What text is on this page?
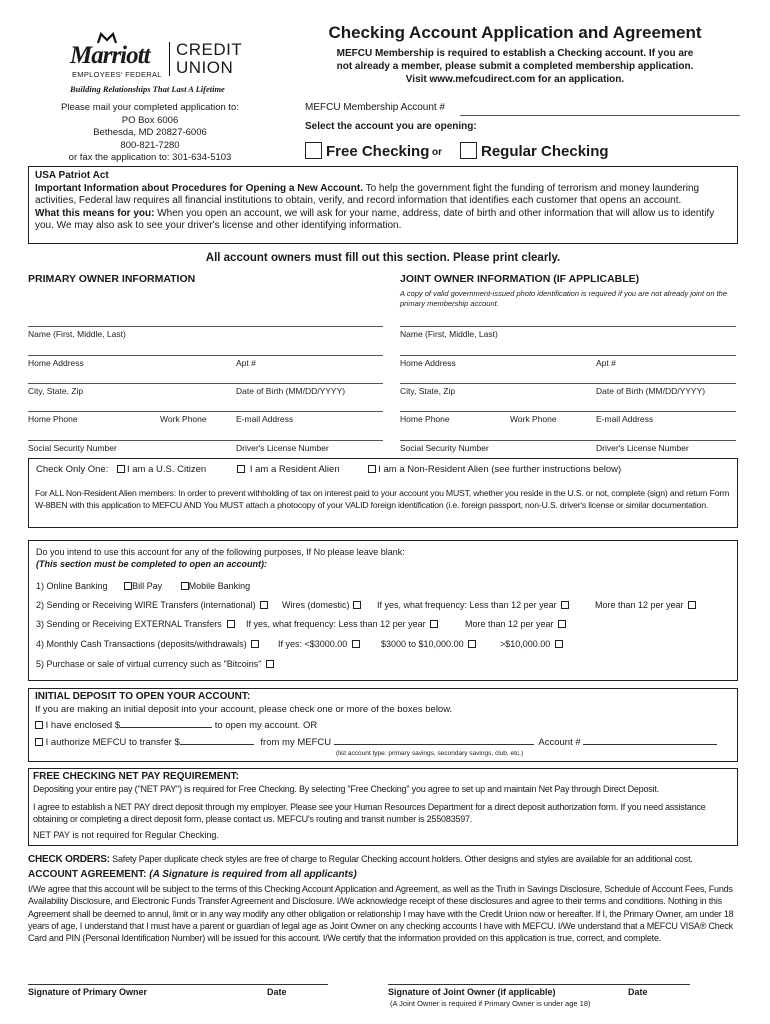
Marriott CREDIT
UNION
EMPLOYEES' FEDERAL
Building Relationships That Last A Lifetime
Checking Account Application and Agreement
MEFCU Membership is required to establish a Checking account. If you are
not already a member, please submit a completed membership application.
Visit www.mefcudirect.com for an application.
Please mail your completed application to:
PO Box 6006
Bethesda, MD 20827-6006
800-821-7280
or fax the application to: 301-634-5103
MEFCU Membership Account #
Select the account you are opening:
Free Checking or	Regular Checking

USA Patriot Act

Important Information about Procedures for Opening a New Account. To help the government fight the funding of terrorism and money laundering activities, Federal law requires all financial institutions to obtain, verify, and record information that identifies each customer that opens an account.

What this means for you: When you open an account, we will ask for your name, address, date of birth and other information that will allow us to identify you. We may also ask to see your driver's license and other identifying information.

All account owners must fill out this section. Please print clearly.
PRIMARY OWNER INFORMATION	JOINT OWNER INFORMATION (IF APPLICABLE)
A copy of valid government-issued photo identification is required if you are not already joint on the primary membership account.
Name (First, Middle, Last)
Home Address	Apt #
City, State, Zip	Date of Birth (MM/DD/YYYY)
Home Phone	Work Phone	E-mail Address
Social Security Number	Driver's License Number
Name (First, Middle, Last)
Home Address	Apt #
City, State, Zip	Date of Birth (MM/DD/YYYY)
Home Phone	Work Phone	E-mail Address
Social Security Number	Driver's License Number
Check Only One: I am a U.S. Citizen	I am a Resident Alien	I am a Non-Resident Alien (see further instructions below)
For ALL Non-Resident Alien members: In order to prevent withholding of tax on interest paid to your account you MUST, whether you reside in the U.S. or not, complete (sign) and return Form W-8BEN with this application to MEFCU AND You MUST attach a photocopy of your VALID foreign identification (i.e. foreign passport, non-U.S. driver's license or similar documentation.
Do you intend to use this account for any of the following purposes, If No please leave blank:
(This section must be completed to open an account):
1) Online Banking	Bill Pay	Mobile Banking
2) Sending or Receiving WIRE Transfers (international)	Wires (domestic)	If yes, what frequency: Less than 12 per year	More than 12 per year
3) Sending or Receiving EXTERNAL Transfers	If yes, what frequency: Less than 12 per year	More than 12 per year
4) Monthly Cash Transactions (deposits/withdrawals)	If yes: <$3000.00	$3000 to $10,000.00	>$10,000.00
5) Purchase or sale of virtual currency such as "Bitcoins"
INITIAL DEPOSIT TO OPEN YOUR ACCOUNT:
If you are making an initial deposit into your account, please check one or more of the boxes below.
I have enclosed $	to open my account. OR
I authorize MEFCU to transfer $	from my MEFCU	Account #
(list account type: primary savings, secondary savings, club, etc.)
FREE CHECKING NET PAY REQUIREMENT:
Depositing your entire pay ("NET PAY") is required for Free Checking. By selecting "Free Checking" you agree to set up and maintain Net Pay through Direct Deposit.
I agree to establish a NET PAY direct deposit through my employer. Please see your Human Resources Department for a direct deposit authorization form. If you need assistance obtaining or completing a direct deposit form, please contact us. MEFCU's routing and transit number is 255083597.
NET PAY is not required for Regular Checking.
CHECK ORDERS: Safety Paper duplicate check styles are free of charge to Regular Checking account holders. Other designs and styles are available for an additional cost.
ACCOUNT AGREEMENT: (A Signature is required from all applicants)
I/We agree that this account will be subject to the terms of this Checking Account Application and Agreement, as well as the Truth in Savings Disclosure, Schedule of Account Fees, Funds Availability Disclosure, and Electronic Funds Transfer Agreement and Disclosure. I/We acknowledge receipt of these disclosures and agree to their terms and conditions. Nothing in this Agreement shall be deemed to annul, limit or in any way modify any other obligation or relationship I may have with the Credit Union now or hereafter. If I, the Primary Owner, am under 18 years of age, I understand that I must have a parent or guardian of legal age as Joint Owner on any checking accounts I have with MEFCU. I/We understand that a MEFCU VISA® Check Card and PIN (Personal Identification Number) will be issued for this account. I/We certify that the information provided on this application is true, correct, and complete.
Signature of Primary Owner	Date	Signature of Joint Owner (if applicable)	Date
(A Joint Owner is required if Primary Owner is under age 18)
